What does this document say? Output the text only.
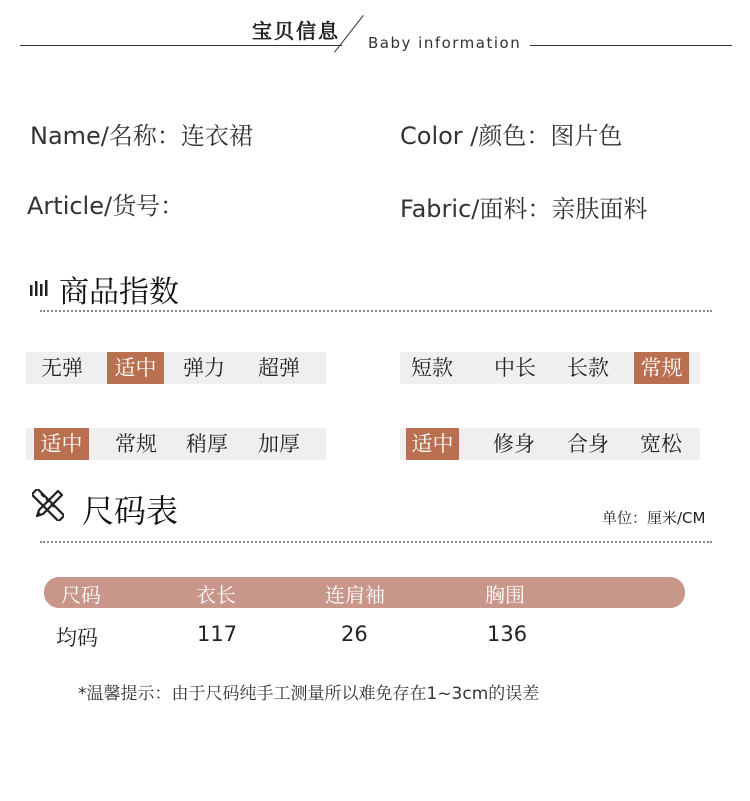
宝贝信息 Baby information
Name/名称：连衣裙	Color /颜色：图片色
Article/货号：	Fabric/面料：亲肤面料
商品指数
无弹	适中	弹力	超弹	短款	中长	长款	常规
适中	常规	稍厚	加厚	适中	修身	合身	宽松
尺码表	单位：厘米/CM
尺码	衣长	连肩袖	胸围
均码	117	26	136
*温馨提示：由于尺码纯手工测量所以难免存在1~3cm的误差
